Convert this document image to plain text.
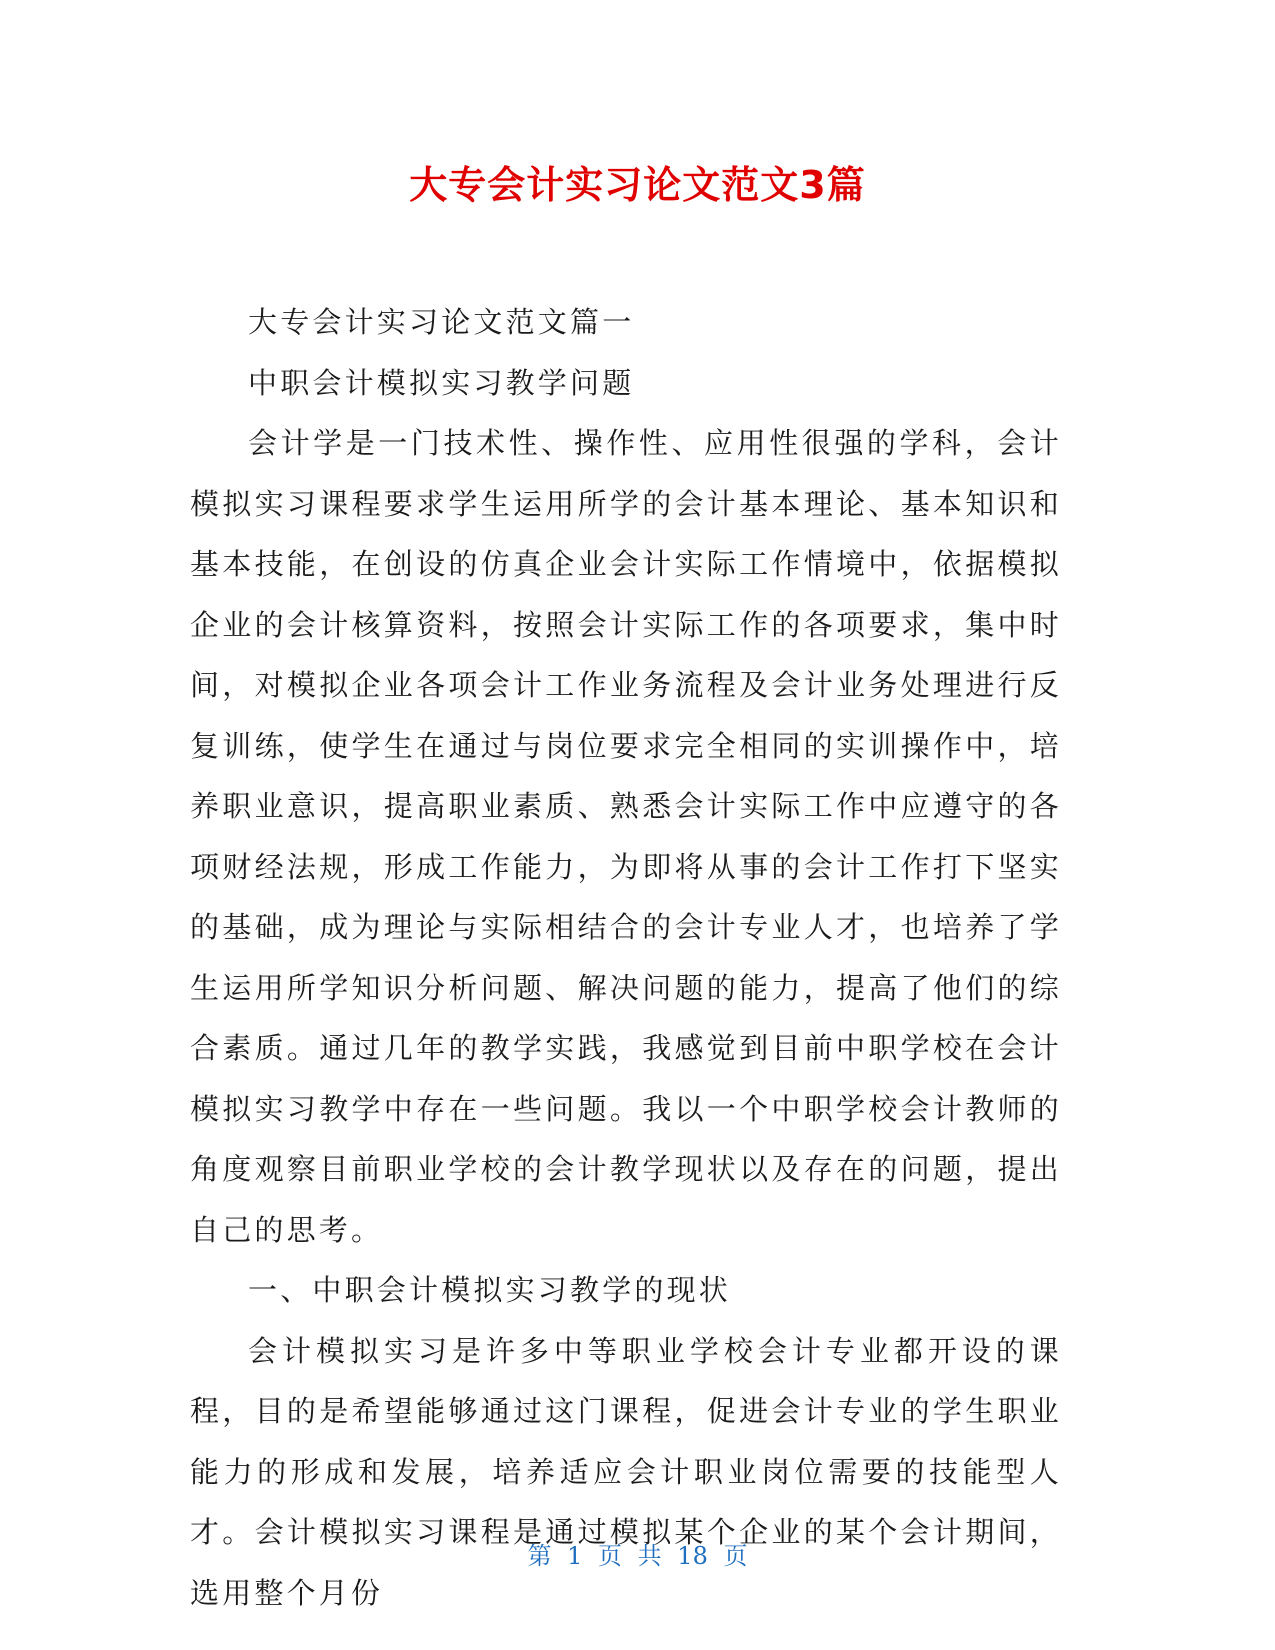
大专会计实习论文范文3篇

大专会计实习论文范文篇一

中职会计模拟实习教学问题

会计学是一门技术性、操作性、应用性很强的学科，会计模拟实习课程要求学生运用所学的会计基本理论、基本知识和基本技能，在创设的仿真企业会计实际工作情境中，依据模拟企业的会计核算资料，按照会计实际工作的各项要求，集中时间，对模拟企业各项会计工作业务流程及会计业务处理进行反复训练，使学生在通过与岗位要求完全相同的实训操作中，培养职业意识，提高职业素质、熟悉会计实际工作中应遵守的各项财经法规，形成工作能力，为即将从事的会计工作打下坚实的基础，成为理论与实际相结合的会计专业人才，也培养了学生运用所学知识分析问题、解决问题的能力，提高了他们的综合素质。通过几年的教学实践，我感觉到目前中职学校在会计模拟实习教学中存在一些问题。我以一个中职学校会计教师的角度观察目前职业学校的会计教学现状以及存在的问题，提出自己的思考。

一、中职会计模拟实习教学的现状

会计模拟实习是许多中等职业学校会计专业都开设的课程，目的是希望能够通过这门课程，促进会计专业的学生职业能力的形成和发展，培养适应会计职业岗位需要的技能型人才。会计模拟实习课程是通过模拟某个企业的某个会计期间，选用整个月份

第 1 页 共 18 页
